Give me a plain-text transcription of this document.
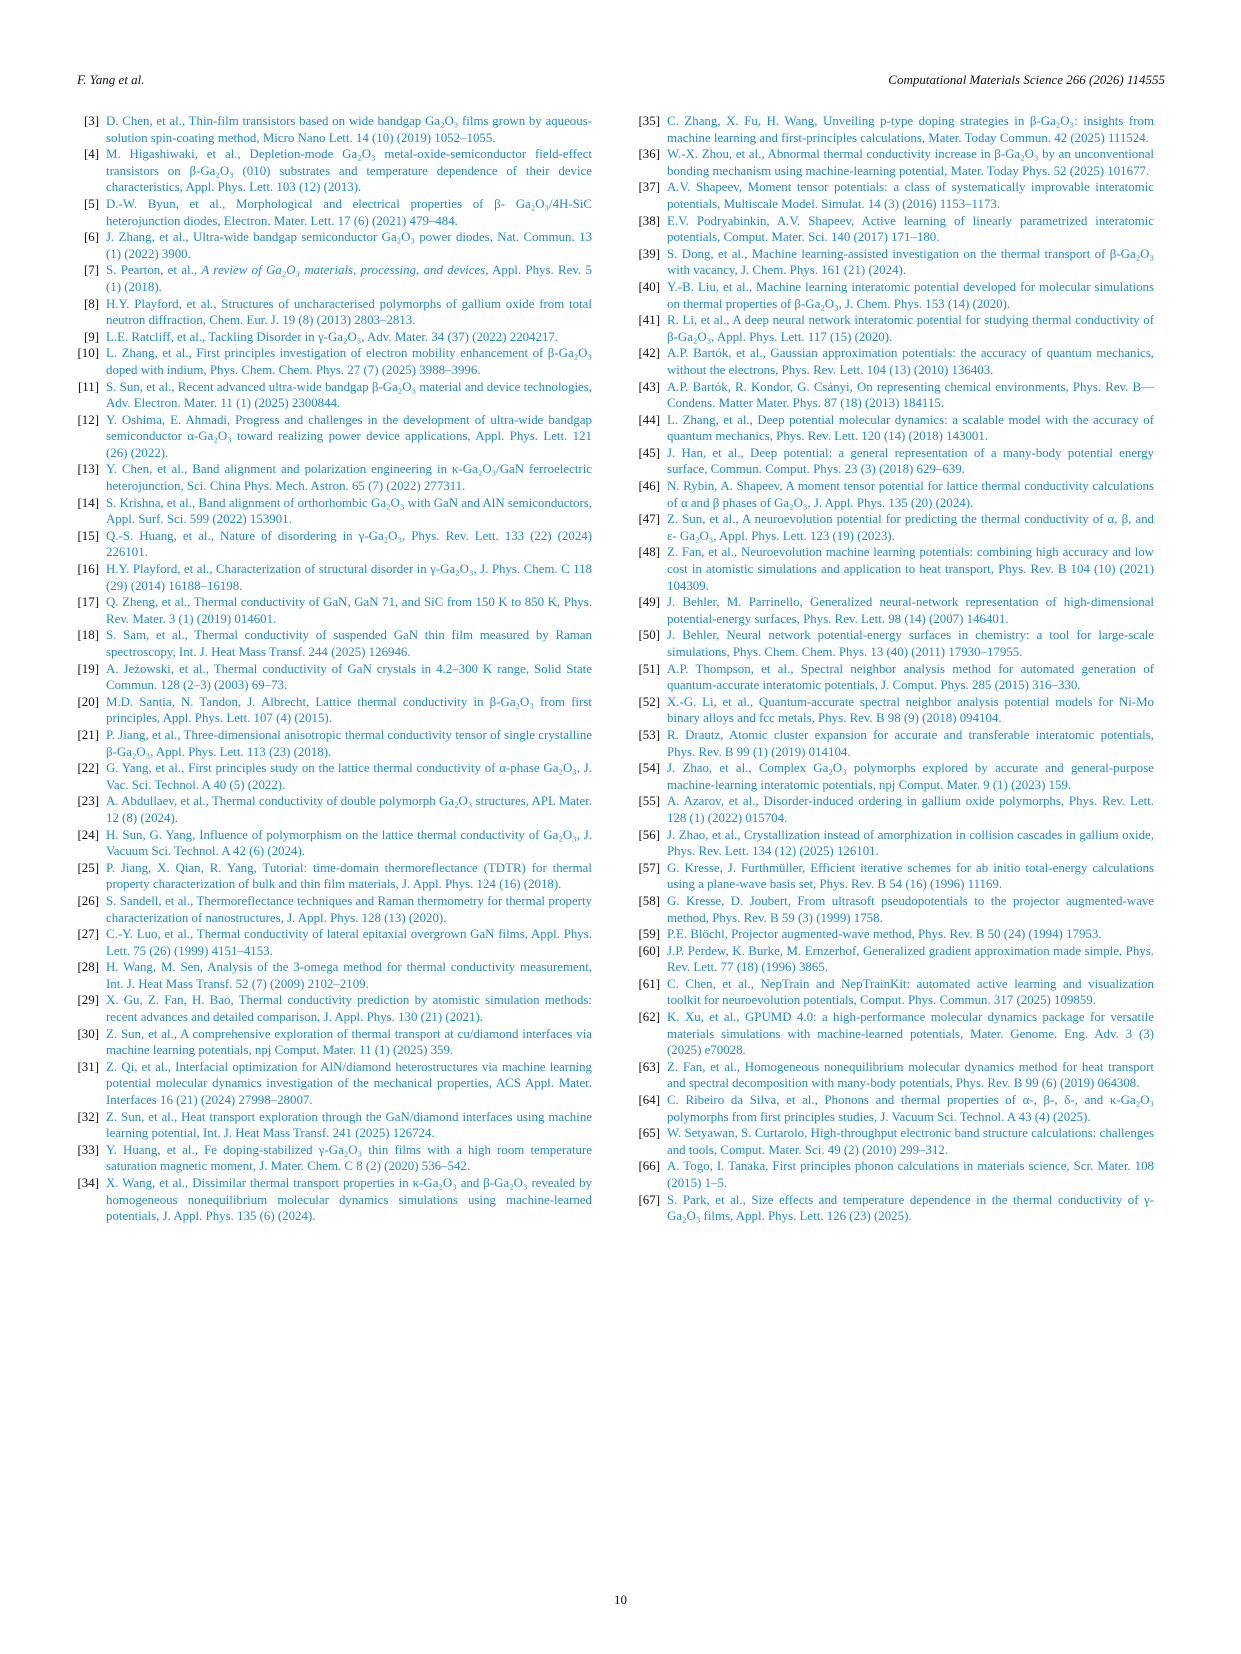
F. Yang et al.	Computational Materials Science 266 (2026) 114555
[3] D. Chen, et al., Thin-film transistors based on wide bandgap Ga₂O₃ films grown by aqueous-solution spin-coating method, Micro Nano Lett. 14 (10) (2019) 1052–1055.
[4] M. Higashiwaki, et al., Depletion-mode Ga₂O₃ metal-oxide-semiconductor field-effect transistors on β-Ga₂O₃ (010) substrates and temperature dependence of their device characteristics, Appl. Phys. Lett. 103 (12) (2013).
[5] D.-W. Byun, et al., Morphological and electrical properties of β- Ga₂O₃/4H-SiC heterojunction diodes, Electron. Mater. Lett. 17 (6) (2021) 479–484.
[6] J. Zhang, et al., Ultra-wide bandgap semiconductor Ga₂O₃ power diodes, Nat. Commun. 13 (1) (2022) 3900.
[7] S. Pearton, et al., A review of Ga₂O₃ materials, processing, and devices, Appl. Phys. Rev. 5 (1) (2018).
[8] H.Y. Playford, et al., Structures of uncharacterised polymorphs of gallium oxide from total neutron diffraction, Chem. Eur. J. 19 (8) (2013) 2803–2813.
[9] L.E. Ratcliff, et al., Tackling Disorder in γ-Ga₂O₃, Adv. Mater. 34 (37) (2022) 2204217.
[10] L. Zhang, et al., First principles investigation of electron mobility enhancement of β-Ga₂O₃ doped with indium, Phys. Chem. Chem. Phys. 27 (7) (2025) 3988–3996.
[11] S. Sun, et al., Recent advanced ultra-wide bandgap β-Ga₂O₃ material and device technologies, Adv. Electron. Mater. 11 (1) (2025) 2300844.
[12] Y. Oshima, E. Ahmadi, Progress and challenges in the development of ultra-wide bandgap semiconductor α-Ga₂O₃ toward realizing power device applications, Appl. Phys. Lett. 121 (26) (2022).
[13] Y. Chen, et al., Band alignment and polarization engineering in κ-Ga₂O₃/GaN ferroelectric heterojunction, Sci. China Phys. Mech. Astron. 65 (7) (2022) 277311.
[14] S. Krishna, et al., Band alignment of orthorhombic Ga₂O₃ with GaN and AlN semiconductors, Appl. Surf. Sci. 599 (2022) 153901.
[15] Q.-S. Huang, et al., Nature of disordering in γ-Ga₂O₃, Phys. Rev. Lett. 133 (22) (2024) 226101.
[16] H.Y. Playford, et al., Characterization of structural disorder in γ-Ga₂O₃, J. Phys. Chem. C 118 (29) (2014) 16188–16198.
[17] Q. Zheng, et al., Thermal conductivity of GaN, GaN 71, and SiC from 150 K to 850 K, Phys. Rev. Mater. 3 (1) (2019) 014601.
[18] S. Sam, et al., Thermal conductivity of suspended GaN thin film measured by Raman spectroscopy, Int. J. Heat Mass Transf. 244 (2025) 126946.
[19] A. Jeżowski, et al., Thermal conductivity of GaN crystals in 4.2–300 K range, Solid State Commun. 128 (2–3) (2003) 69–73.
[20] M.D. Santia, N. Tandon, J. Albrecht, Lattice thermal conductivity in β-Ga₂O₃ from first principles, Appl. Phys. Lett. 107 (4) (2015).
[21] P. Jiang, et al., Three-dimensional anisotropic thermal conductivity tensor of single crystalline β-Ga₂O₃, Appl. Phys. Lett. 113 (23) (2018).
[22] G. Yang, et al., First principles study on the lattice thermal conductivity of α-phase Ga₂O₃, J. Vac. Sci. Technol. A 40 (5) (2022).
[23] A. Abdullaev, et al., Thermal conductivity of double polymorph Ga₂O₃ structures, APL Mater. 12 (8) (2024).
[24] H. Sun, G. Yang, Influence of polymorphism on the lattice thermal conductivity of Ga₂O₃, J. Vacuum Sci. Technol. A 42 (6) (2024).
[25] P. Jiang, X. Qian, R. Yang, Tutorial: time-domain thermoreflectance (TDTR) for thermal property characterization of bulk and thin film materials, J. Appl. Phys. 124 (16) (2018).
[26] S. Sandell, et al., Thermoreflectance techniques and Raman thermometry for thermal property characterization of nanostructures, J. Appl. Phys. 128 (13) (2020).
[27] C.-Y. Luo, et al., Thermal conductivity of lateral epitaxial overgrown GaN films, Appl. Phys. Lett. 75 (26) (1999) 4151–4153.
[28] H. Wang, M. Sen, Analysis of the 3-omega method for thermal conductivity measurement, Int. J. Heat Mass Transf. 52 (7) (2009) 2102–2109.
[29] X. Gu, Z. Fan, H. Bao, Thermal conductivity prediction by atomistic simulation methods: recent advances and detailed comparison, J. Appl. Phys. 130 (21) (2021).
[30] Z. Sun, et al., A comprehensive exploration of thermal transport at cu/diamond interfaces via machine learning potentials, npj Comput. Mater. 11 (1) (2025) 359.
[31] Z. Qi, et al., Interfacial optimization for AlN/diamond heterostructures via machine learning potential molecular dynamics investigation of the mechanical properties, ACS Appl. Mater. Interfaces 16 (21) (2024) 27998–28007.
[32] Z. Sun, et al., Heat transport exploration through the GaN/diamond interfaces using machine learning potential, Int. J. Heat Mass Transf. 241 (2025) 126724.
[33] Y. Huang, et al., Fe doping-stabilized γ-Ga₂O₃ thin films with a high room temperature saturation magnetic moment, J. Mater. Chem. C 8 (2) (2020) 536–542.
[34] X. Wang, et al., Dissimilar thermal transport properties in κ-Ga₂O₃ and β-Ga₂O₃ revealed by homogeneous nonequilibrium molecular dynamics simulations using machine-learned potentials, J. Appl. Phys. 135 (6) (2024).
[35] C. Zhang, X. Fu, H. Wang, Unveiling p-type doping strategies in β-Ga₂O₃: insights from machine learning and first-principles calculations, Mater. Today Commun. 42 (2025) 111524.
[36] W.-X. Zhou, et al., Abnormal thermal conductivity increase in β-Ga₂O₃ by an unconventional bonding mechanism using machine-learning potential, Mater. Today Phys. 52 (2025) 101677.
[37] A.V. Shapeev, Moment tensor potentials: a class of systematically improvable interatomic potentials, Multiscale Model. Simulat. 14 (3) (2016) 1153–1173.
[38] E.V. Podryabinkin, A.V. Shapeev, Active learning of linearly parametrized interatomic potentials, Comput. Mater. Sci. 140 (2017) 171–180.
[39] S. Dong, et al., Machine learning-assisted investigation on the thermal transport of β-Ga₂O₃ with vacancy, J. Chem. Phys. 161 (21) (2024).
[40] Y.-B. Liu, et al., Machine learning interatomic potential developed for molecular simulations on thermal properties of β-Ga₂O₃, J. Chem. Phys. 153 (14) (2020).
[41] R. Li, et al., A deep neural network interatomic potential for studying thermal conductivity of β-Ga₂O₃, Appl. Phys. Lett. 117 (15) (2020).
[42] A.P. Bartók, et al., Gaussian approximation potentials: the accuracy of quantum mechanics, without the electrons, Phys. Rev. Lett. 104 (13) (2010) 136403.
[43] A.P. Bartók, R. Kondor, G. Csányi, On representing chemical environments, Phys. Rev. B—Condens. Matter Mater. Phys. 87 (18) (2013) 184115.
[44] L. Zhang, et al., Deep potential molecular dynamics: a scalable model with the accuracy of quantum mechanics, Phys. Rev. Lett. 120 (14) (2018) 143001.
[45] J. Han, et al., Deep potential: a general representation of a many-body potential energy surface, Commun. Comput. Phys. 23 (3) (2018) 629–639.
[46] N. Rybin, A. Shapeev, A moment tensor potential for lattice thermal conductivity calculations of α and β phases of Ga₂O₃, J. Appl. Phys. 135 (20) (2024).
[47] Z. Sun, et al., A neuroevolution potential for predicting the thermal conductivity of α, β, and ε- Ga₂O₃, Appl. Phys. Lett. 123 (19) (2023).
[48] Z. Fan, et al., Neuroevolution machine learning potentials: combining high accuracy and low cost in atomistic simulations and application to heat transport, Phys. Rev. B 104 (10) (2021) 104309.
[49] J. Behler, M. Parrinello, Generalized neural-network representation of high-dimensional potential-energy surfaces, Phys. Rev. Lett. 98 (14) (2007) 146401.
[50] J. Behler, Neural network potential-energy surfaces in chemistry: a tool for large-scale simulations, Phys. Chem. Chem. Phys. 13 (40) (2011) 17930–17955.
[51] A.P. Thompson, et al., Spectral neighbor analysis method for automated generation of quantum-accurate interatomic potentials, J. Comput. Phys. 285 (2015) 316–330.
[52] X.-G. Li, et al., Quantum-accurate spectral neighbor analysis potential models for Ni-Mo binary alloys and fcc metals, Phys. Rev. B 98 (9) (2018) 094104.
[53] R. Drautz, Atomic cluster expansion for accurate and transferable interatomic potentials, Phys. Rev. B 99 (1) (2019) 014104.
[54] J. Zhao, et al., Complex Ga₂O₃ polymorphs explored by accurate and general-purpose machine-learning interatomic potentials, npj Comput. Mater. 9 (1) (2023) 159.
[55] A. Azarov, et al., Disorder-induced ordering in gallium oxide polymorphs, Phys. Rev. Lett. 128 (1) (2022) 015704.
[56] J. Zhao, et al., Crystallization instead of amorphization in collision cascades in gallium oxide, Phys. Rev. Lett. 134 (12) (2025) 126101.
[57] G. Kresse, J. Furthmüller, Efficient iterative schemes for ab initio total-energy calculations using a plane-wave basis set, Phys. Rev. B 54 (16) (1996) 11169.
[58] G. Kresse, D. Joubert, From ultrasoft pseudopotentials to the projector augmented-wave method, Phys. Rev. B 59 (3) (1999) 1758.
[59] P.E. Blöchl, Projector augmented-wave method, Phys. Rev. B 50 (24) (1994) 17953.
[60] J.P. Perdew, K. Burke, M. Ernzerhof, Generalized gradient approximation made simple, Phys. Rev. Lett. 77 (18) (1996) 3865.
[61] C. Chen, et al., NepTrain and NepTrainKit: automated active learning and visualization toolkit for neuroevolution potentials, Comput. Phys. Commun. 317 (2025) 109859.
[62] K. Xu, et al., GPUMD 4.0: a high-performance molecular dynamics package for versatile materials simulations with machine-learned potentials, Mater. Genome. Eng. Adv. 3 (3) (2025) e70028.
[63] Z. Fan, et al., Homogeneous nonequilibrium molecular dynamics method for heat transport and spectral decomposition with many-body potentials, Phys. Rev. B 99 (6) (2019) 064308.
[64] C. Ribeiro da Silva, et al., Phonons and thermal properties of α-, β-, δ-, and κ-Ga₂O₃ polymorphs from first principles studies, J. Vacuum Sci. Technol. A 43 (4) (2025).
[65] W. Setyawan, S. Curtarolo, High-throughput electronic band structure calculations: challenges and tools, Comput. Mater. Sci. 49 (2) (2010) 299–312.
[66] A. Togo, I. Tanaka, First principles phonon calculations in materials science, Scr. Mater. 108 (2015) 1–5.
[67] S. Park, et al., Size effects and temperature dependence in the thermal conductivity of γ-Ga₂O₃ films, Appl. Phys. Lett. 126 (23) (2025).
10
